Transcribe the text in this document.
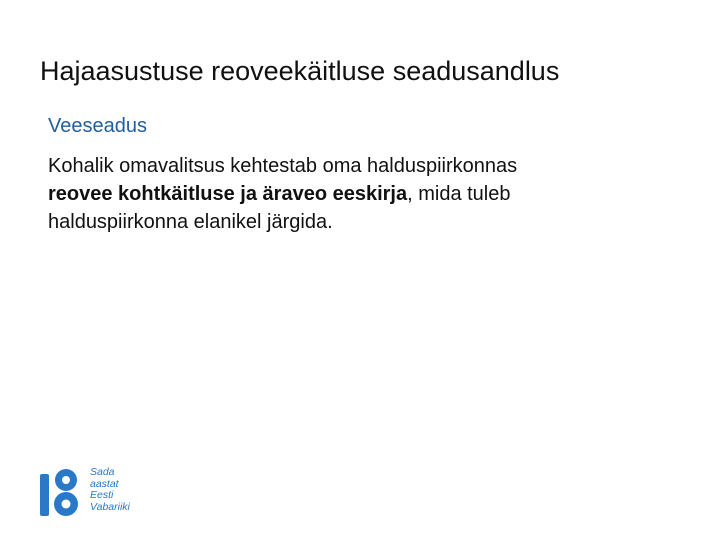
Hajaasustuse reoveekäitluse seadusandlus
Veeseadus

Kohalik omavalitsus kehtestab oma halduspiirkonnas
reovee kohtkäitluse ja äraveo eeskirja, mida tuleb
halduspiirkonna elanikel järgida.

Sada
aastat
Eesti
Vabariiki
